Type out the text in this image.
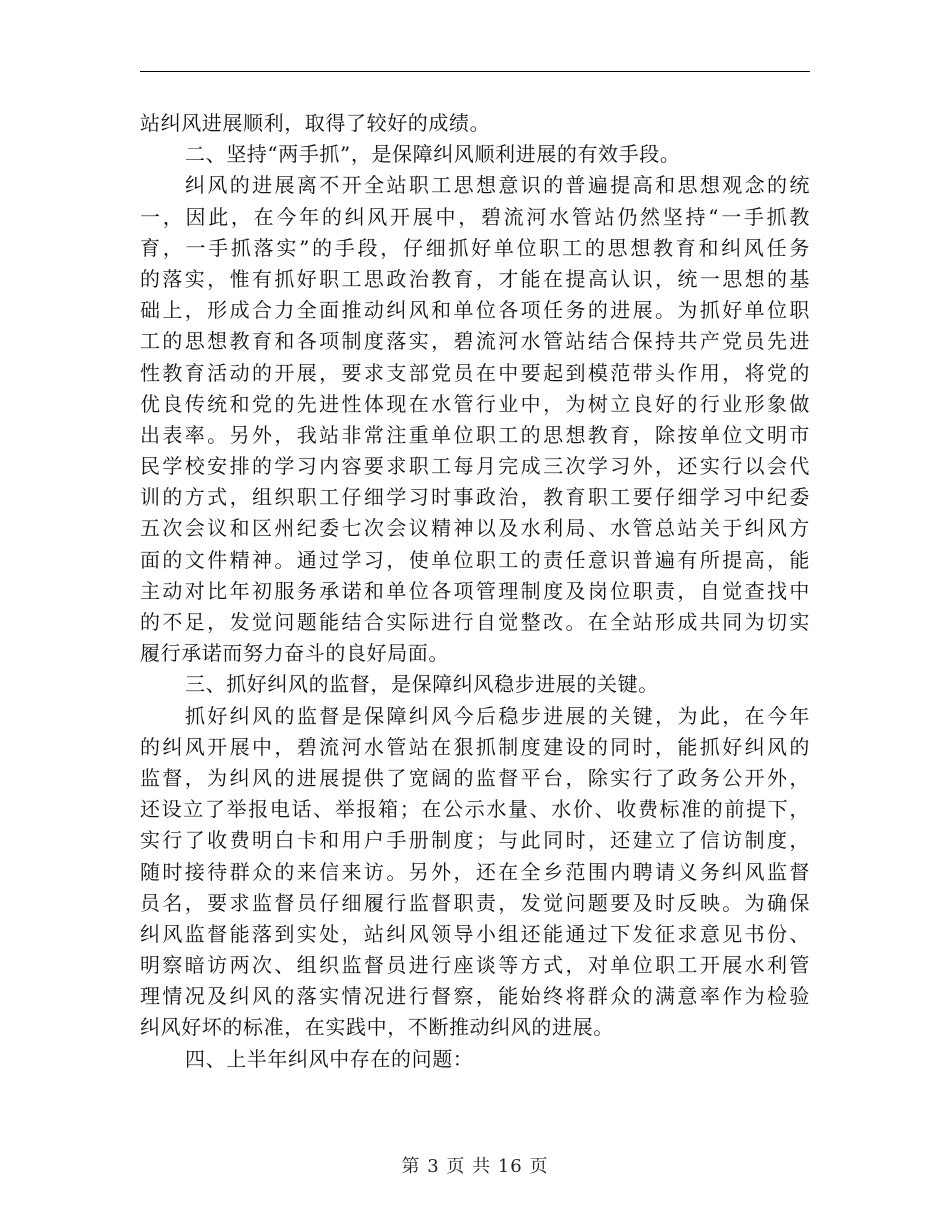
站纠风进展顺利，取得了较好的成绩。
二、坚持“两手抓”，是保障纠风顺利进展的有效手段。
纠风的进展离不开全站职工思想意识的普遍提高和思想观念的统
一，因此，在今年的纠风开展中，碧流河水管站仍然坚持“一手抓教
育，一手抓落实”的手段，仔细抓好单位职工的思想教育和纠风任务
的落实，惟有抓好职工思政治教育，才能在提高认识，统一思想的基
础上，形成合力全面推动纠风和单位各项任务的进展。为抓好单位职
工的思想教育和各项制度落实，碧流河水管站结合保持共产党员先进
性教育活动的开展，要求支部党员在中要起到模范带头作用，将党的
优良传统和党的先进性体现在水管行业中，为树立良好的行业形象做
出表率。另外，我站非常注重单位职工的思想教育，除按单位文明市
民学校安排的学习内容要求职工每月完成三次学习外，还实行以会代
训的方式，组织职工仔细学习时事政治，教育职工要仔细学习中纪委
五次会议和区州纪委七次会议精神以及水利局、水管总站关于纠风方
面的文件精神。通过学习，使单位职工的责任意识普遍有所提高，能
主动对比年初服务承诺和单位各项管理制度及岗位职责，自觉查找中
的不足，发觉问题能结合实际进行自觉整改。在全站形成共同为切实
履行承诺而努力奋斗的良好局面。
三、抓好纠风的监督，是保障纠风稳步进展的关键。
抓好纠风的监督是保障纠风今后稳步进展的关键，为此，在今年
的纠风开展中，碧流河水管站在狠抓制度建设的同时，能抓好纠风的
监督，为纠风的进展提供了宽阔的监督平台，除实行了政务公开外，
还设立了举报电话、举报箱；在公示水量、水价、收费标准的前提下，
实行了收费明白卡和用户手册制度；与此同时，还建立了信访制度，
随时接待群众的来信来访。另外，还在全乡范围内聘请义务纠风监督
员名，要求监督员仔细履行监督职责，发觉问题要及时反映。为确保
纠风监督能落到实处，站纠风领导小组还能通过下发征求意见书份、
明察暗访两次、组织监督员进行座谈等方式，对单位职工开展水利管
理情况及纠风的落实情况进行督察，能始终将群众的满意率作为检验
纠风好坏的标准，在实践中，不断推动纠风的进展。
四、上半年纠风中存在的问题：
第 3 页 共 16 页
